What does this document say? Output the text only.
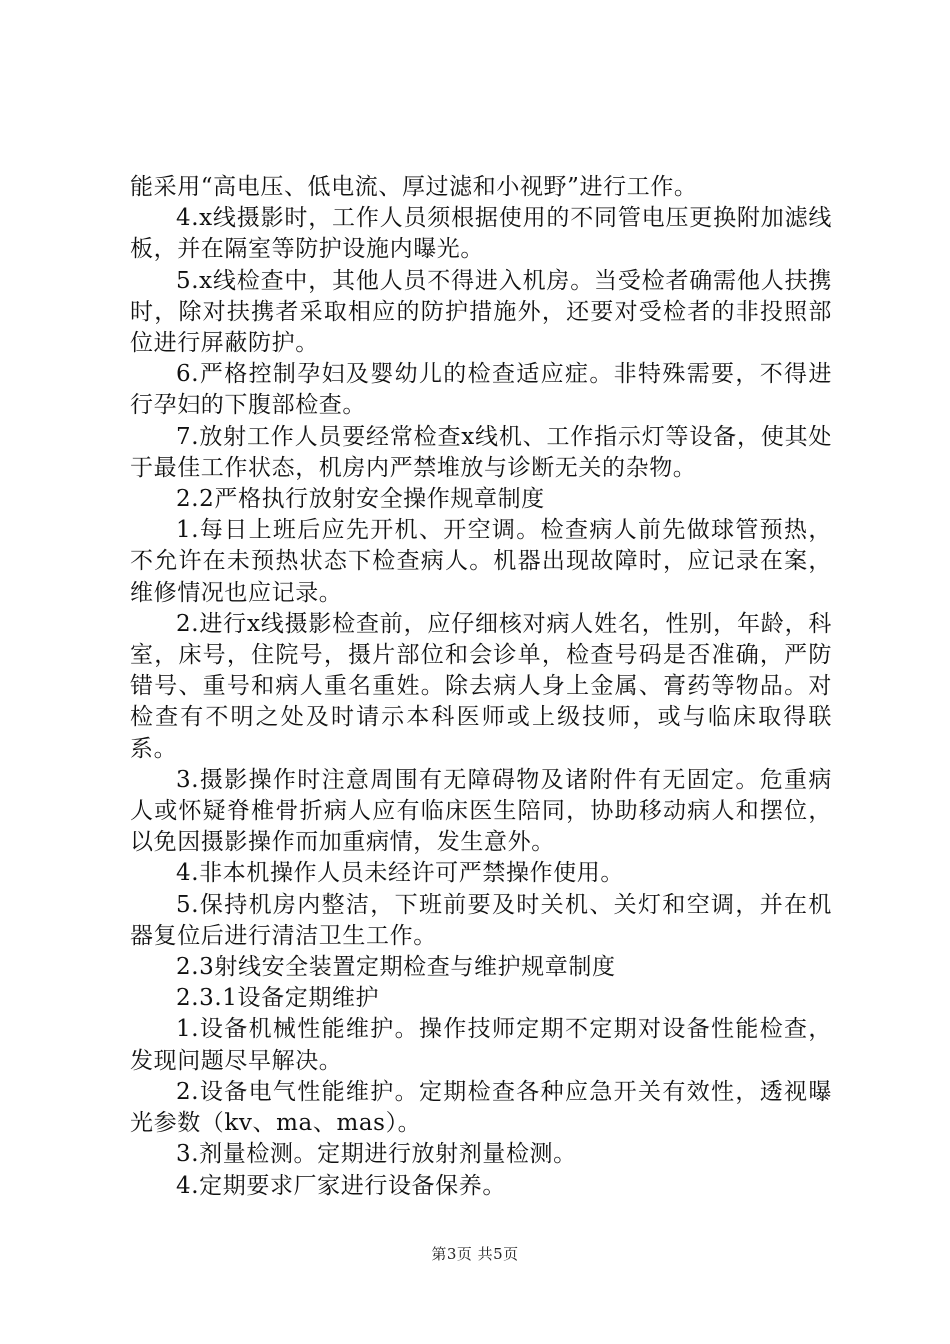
能采用“高电压、低电流、厚过滤和小视野”进行工作。

4.x线摄影时，工作人员须根据使用的不同管电压更换附加滤线板，并在隔室等防护设施内曝光。

5.x线检查中，其他人员不得进入机房。当受检者确需他人扶携时，除对扶携者采取相应的防护措施外，还要对受检者的非投照部位进行屏蔽防护。

6.严格控制孕妇及婴幼儿的检查适应症。非特殊需要，不得进行孕妇的下腹部检查。

7.放射工作人员要经常检查x线机、工作指示灯等设备，使其处于最佳工作状态，机房内严禁堆放与诊断无关的杂物。

2.2严格执行放射安全操作规章制度

1.每日上班后应先开机、开空调。检查病人前先做球管预热，不允许在未预热状态下检查病人。机器出现故障时，应记录在案，维修情况也应记录。

2.进行x线摄影检查前，应仔细核对病人姓名，性别，年龄，科室，床号，住院号，摄片部位和会诊单，检查号码是否准确，严防错号、重号和病人重名重姓。除去病人身上金属、膏药等物品。对检查有不明之处及时请示本科医师或上级技师，或与临床取得联系。

3.摄影操作时注意周围有无障碍物及诸附件有无固定。危重病人或怀疑脊椎骨折病人应有临床医生陪同，协助移动病人和摆位，以免因摄影操作而加重病情，发生意外。

4.非本机操作人员未经许可严禁操作使用。

5.保持机房内整洁，下班前要及时关机、关灯和空调，并在机器复位后进行清洁卫生工作。

2.3射线安全装置定期检查与维护规章制度

2.3.1设备定期维护

1.设备机械性能维护。操作技师定期不定期对设备性能检查，发现问题尽早解决。

2.设备电气性能维护。定期检查各种应急开关有效性，透视曝光参数（kv、ma、mas）。

3.剂量检测。定期进行放射剂量检测。

4.定期要求厂家进行设备保养。

第3页 共5页
